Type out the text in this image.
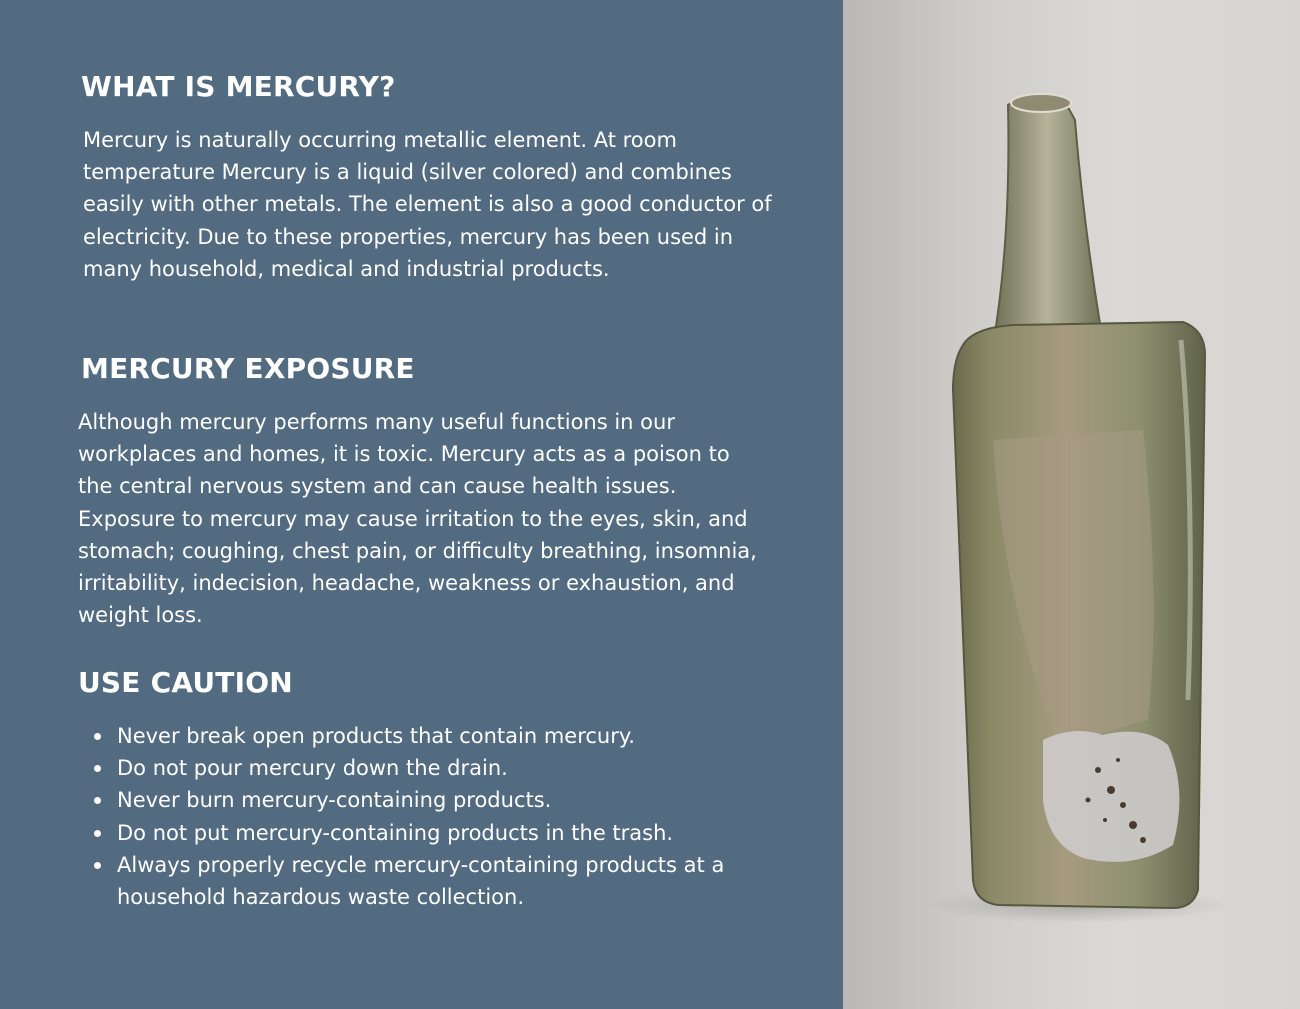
WHAT IS MERCURY?

Mercury is naturally occurring metallic element. At room temperature Mercury is a liquid (silver colored) and combines easily with other metals. The element is also a good conductor of electricity. Due to these properties, mercury has been used in many household, medical and industrial products.

MERCURY EXPOSURE

Although mercury performs many useful functions in our workplaces and homes, it is toxic. Mercury acts as a poison to the central nervous system and can cause health issues. Exposure to mercury may cause irritation to the eyes, skin, and stomach; coughing, chest pain, or difficulty breathing, insomnia, irritability, indecision, headache, weakness or exhaustion, and weight loss.

USE CAUTION
Never break open products that contain mercury.
Do not pour mercury down the drain.
Never burn mercury-containing products.
Do not put mercury-containing products in the trash.
Always properly recycle mercury-containing products at a household hazardous waste collection.
